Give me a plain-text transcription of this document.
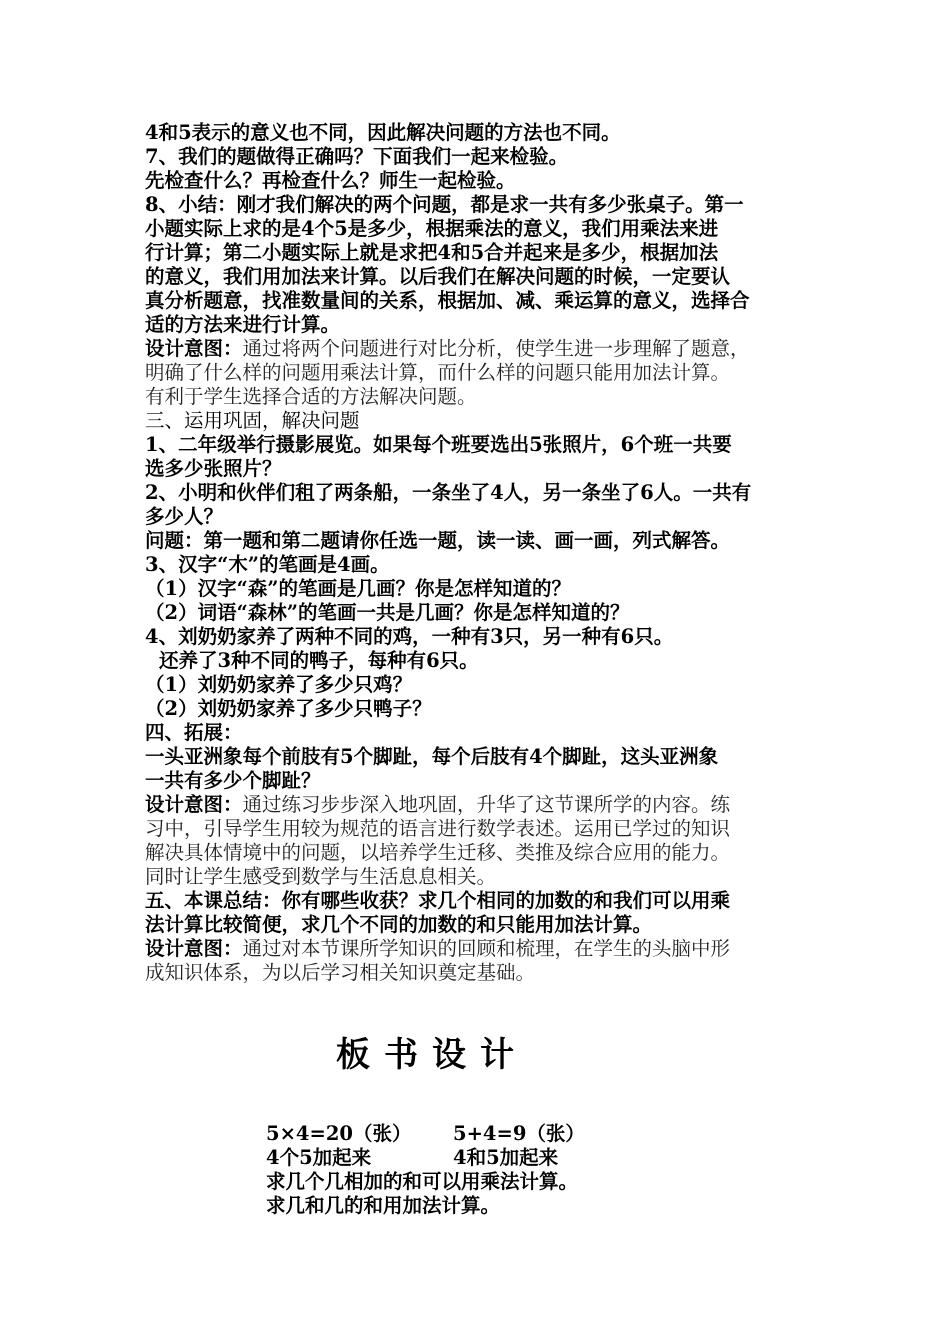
4和5表示的意义也不同，因此解决问题的方法也不同。

7、我们的题做得正确吗？下面我们一起来检验。

先检查什么？再检查什么？师生一起检验。

8、小结：刚才我们解决的两个问题，都是求一共有多少张桌子。第一

小题实际上求的是4个5是多少，根据乘法的意义，我们用乘法来进

行计算；第二小题实际上就是求把4和5合并起来是多少，根据加法

的意义，我们用加法来计算。以后我们在解决问题的时候，一定要认

真分析题意，找准数量间的关系，根据加、减、乘运算的意义，选择合

适的方法来进行计算。

设计意图：通过将两个问题进行对比分析，使学生进一步理解了题意，

明确了什么样的问题用乘法计算，而什么样的问题只能用加法计算。

有利于学生选择合适的方法解决问题。

三、运用巩固，解决问题

1、二年级举行摄影展览。如果每个班要选出5张照片，6个班一共要

选多少张照片？

2、小明和伙伴们租了两条船，一条坐了4人，另一条坐了6人。一共有

多少人？

问题：第一题和第二题请你任选一题，读一读、画一画，列式解答。

3、汉字“木”的笔画是4画。

（1）汉字“森”的笔画是几画？你是怎样知道的？

（2）词语“森林”的笔画一共是几画？你是怎样知道的？

4、刘奶奶家养了两种不同的鸡，一种有3只，另一种有6只。

还养了3种不同的鸭子，每种有6只。

（1）刘奶奶家养了多少只鸡？

（2）刘奶奶家养了多少只鸭子？

四、拓展：

一头亚洲象每个前肢有5个脚趾，每个后肢有4个脚趾，这头亚洲象

一共有多少个脚趾？

设计意图：通过练习步步深入地巩固，升华了这节课所学的内容。练

习中，引导学生用较为规范的语言进行数学表述。运用已学过的知识

解决具体情境中的问题，以培养学生迁移、类推及综合应用的能力。

同时让学生感受到数学与生活息息相关。

五、本课总结：你有哪些收获？求几个相同的加数的和我们可以用乘

法计算比较简便，求几个不同的加数的和只能用加法计算。

设计意图：通过对本节课所学知识的回顾和梳理，在学生的头脑中形

成知识体系，为以后学习相关知识奠定基础。

板书设计
5×4=20（张） 5+4=9（张）
4个5加起来	4和5加起来
求几个几相加的和可以用乘法计算。
求几和几的和用加法计算。
